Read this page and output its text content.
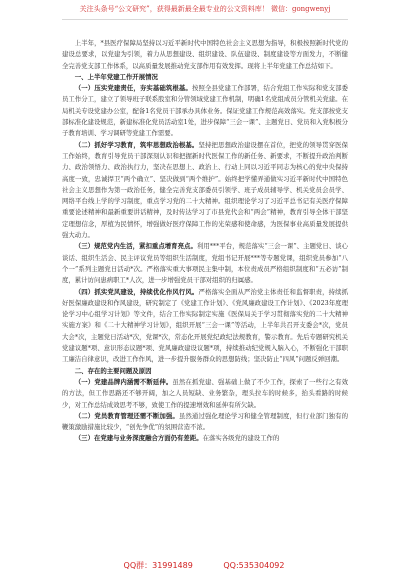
关注头条号“公文研究”，获得最新最全最专业的公文资料库！ 微信：gongwenyj

上半年，*县医疗保障局坚持以习近平新时代中国特色社会主义思想为指导，积极按照新时代党的建设总要求，以党建为引领，着力从思想建设、组织建设、队伍建设、制度建设等方面发力，不断健全完善党支部工作体系，以高质量发展推动党支部作用有效发挥。现将上半年党建工作总结如下。

一、上半年党建工作开展情况

（一）压实党建责任，夯实基础筑根基。按照全县党建工作部署，结合党组工作实际和党支部委员工作分工，建立了领导班子联系股室和分管领域党建工作机制，明确1名党组成员分管机关党建。在局机关专设党建办公室，配备1名党员干部承办具体业务。保证党建工作规范高效落实。党支部按党支部标准化建设规范，新建标准化党员活动室1处，进步保障“三会一课”、主题党日、党员和入党积极分子教育培训、学习调研等党建工作需要。

（二）抓好学习教育，筑牢思想政治根基。坚持把思想政治建设摆在首位，把党的领导贯穿医保工作始终，教育引导党员干部深刻认识和把握新时代医保工作的新任务、新要求，不断提升政治判断力、政治领悟力、政治执行力，坚决在思想上、政治上、行动上同以习近平同志为核心的党中央保持高度一致，忠诚捍卫“两个确立”、坚决做到“两个维护”。始终把学懂弄通做实习近平新时代中国特色社会主义思想作为第一政治任务，健全完善党支部委员引领学、班子成员辅导学、机关党员会员学、网络平台线上学的学习制度，重点学习党的二十大精神。组织理论学习了习近平总书记有关医疗保障重要论述精神和最新重要讲话精神，及时传达学习了市县党代会和“两会”精神，教育引导全体干部坚定理想信念，厚植为民情怀，增强做好医疗保障工作的光荣感和使命感，为医保事业高质量发展提供强大动力。

（三）规范党内生活，紧扣重点增育亮点。利用***平台，规范落实“三会一课”、主题党日、谈心谈话、组织生活会、民主评议党员等组织生活制度，党组书记开展***等专题党课，组织党员参加“八个一”系列主题党日活动*次。严格落实重大事项民主集中制，本位责成员严格组织制度和“五必访”制度，累计访问患病职工*人次，进一步增强党员干部对组织的归属感。

（四）抓实党风建设，持续优化作风行风。严格落实全面从严治党主体责任和监督职责，持续抓好医保廉政建设和作风建设，研究制定了《党建工作计划》、《党风廉政建设工作计划》、《2023年度理论学习中心组学习计划》等文件，结合工作实际制定实施《医保局关于学习贯彻落实党的二十大精神实施方案》和《二十大精神学习计划》，组织开展“三会一课”等活动，上半年共召开支委会*次，党员大会*次，主题党日活动*次，党课*次，常态化开展党纪政纪法规教育，警示教育。先后专题研究机关党建议题*项、意识形态议题*项、党风廉政建设议题*项，持续推动纪党规入脑入心，不断强化干部职工廉洁自律意识，改进工作作风，进一步提升服务群众的思想防线；坚决防止“四风”问题反弹回潮。

二、存在的主要问题及原因

（一）党建品牌内涵需不断延伸。虽然在抓党建、强基础上做了不少工作，探索了一些行之有效的方法，但工作思路还不够开阔，加之人员短缺、业务繁杂，理头拉车的时候多，抬头看路的时候少，对工作总结成效思考不够，致使工作的提速增效和延伸有所欠缺。

（二）党员教育管理还需不断加强。虽然通过强化理论学习和健全管理制度，但行业部门独有的鞭策激励措施比较少，“创先争优”的氛围营造不浓。

（三）在党建与业务深度融合方面仍有差距。在落实各级党的建设工作的

QQ群：31991489	QQ:535304092
